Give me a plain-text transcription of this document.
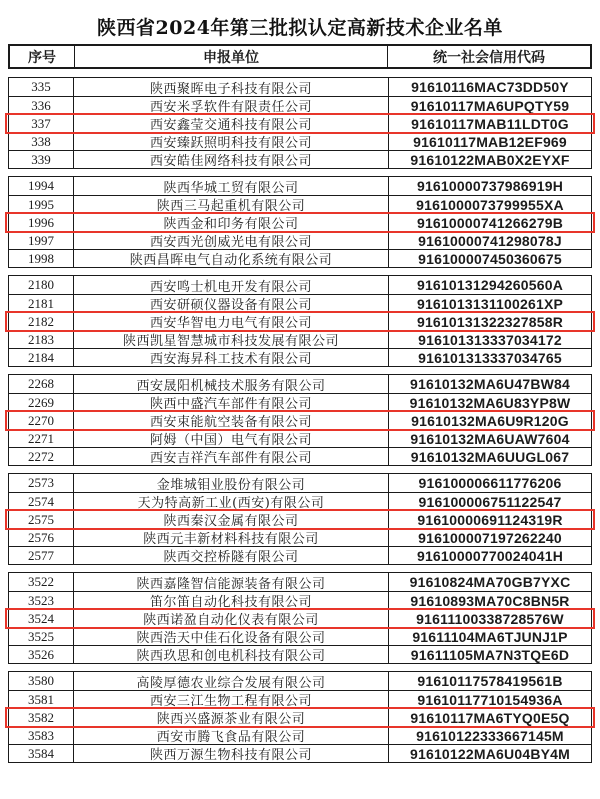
陕西省2024年第三批拟认定高新技术企业名单
序号	申报单位	统一社会信用代码
335	陕西聚晖电子科技有限公司	91610116MAC73DD50Y
336	西安米孚软件有限责任公司	91610117MA6UPQTY59
337	西安鑫莹交通科技有限公司	91610117MAB11LDT0G
338	西安臻跃照明科技有限公司	91610117MAB12EF969
339	西安皓佳网络科技有限公司	91610122MAB0X2EYXF
1994	陕西华城工贸有限公司	91610000737986919H
1995	陕西三马起重机有限公司	9161000073799955XA
1996	陕西金和印务有限公司	91610000741266279B
1997	西安西光创威光电有限公司	91610000741298078J
1998	陕西昌晖电气自动化系统有限公司	916100007450360675
2180	西安鸣士机电开发有限公司	91610131294260560A
2181	西安研硕仪器设备有限公司	9161013131100261XP
2182	西安华智电力电气有限公司	91610131322327858R
2183	陕西凯星智慧城市科技发展有限公司	916101313337034172
2184	西安海昇科工技术有限公司	916101313337034765
2268	西安晟阳机械技术服务有限公司	91610132MA6U47BW84
2269	陕西中盛汽车部件有限公司	91610132MA6U83YP8W
2270	西安束能航空装备有限公司	91610132MA6U9R120G
2271	阿姆（中国）电气有限公司	91610132MA6UAW7604
2272	西安吉祥汽车部件有限公司	91610132MA6UUGL067
2573	金堆城钼业股份有限公司	916100006611776206
2574	天为特高新工业(西安)有限公司	916100006751122547
2575	陕西秦汉金属有限公司	91610000691124319R
2576	陕西元丰新材料科技有限公司	916100007197262240
2577	陕西交控桥隧有限公司	91610000770024041H
3522	陕西嘉隆智信能源装备有限公司	91610824MA70GB7YXC
3523	笛尔笛自动化科技有限公司	91610893MA70C8BN5R
3524	陕西诺盈自动化仪表有限公司	91611100338728576W
3525	陕西浩天中佳石化设备有限公司	91611104MA6TJUNJ1P
3526	陕西玖思和创电机科技有限公司	91611105MA7N3TQE6D
3580	高陵厚德农业综合发展有限公司	91610117578419561B
3581	西安三江生物工程有限公司	91610117710154936A
3582	陕西兴盛源茶业有限公司	91610117MA6TYQ0E5Q
3583	西安市腾飞食品有限公司	91610122333667145M
3584	陕西万源生物科技有限公司	91610122MA6U04BY4M
